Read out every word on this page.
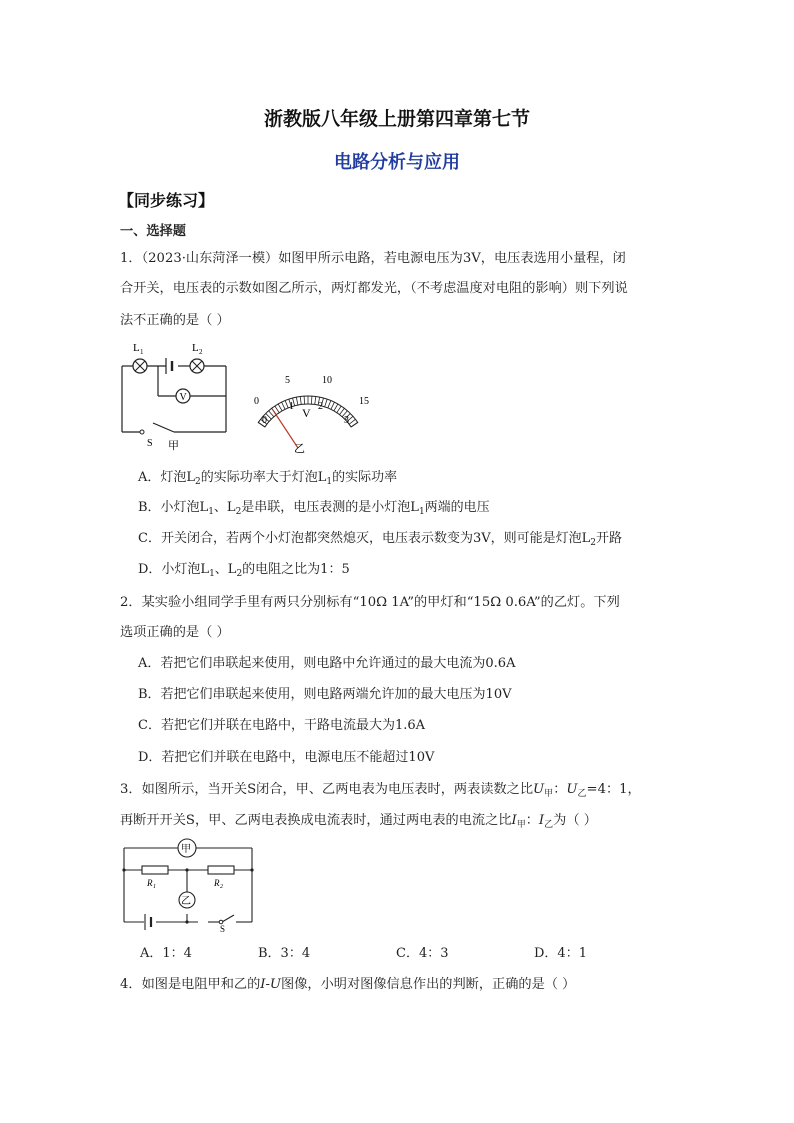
浙教版八年级上册第四章第七节
电路分析与应用
【同步练习】
一、选择题
1．（2023·山东菏泽一模）如图甲所示电路，若电源电压为3V，电压表选用小量程，闭
合开关，电压表的示数如图乙所示，两灯都发光，（不考虑温度对电阻的影响）则下列说
法不正确的是（ ）
V
L 1	L 2
S 甲
0
5	10
15
0
1 2
3
V
乙
A．灯泡$L_2$的实际功率大于灯泡$L_1$的实际功率
B．小灯泡$L_1$、$L_2$是串联，电压表测的是小灯泡$L_1$两端的电压
C．开关闭合，若两个小灯泡都突然熄灭，电压表示数变为3V，则可能是灯泡$L_2$开路
D．小灯泡$L_1$、$L_2$的电阻之比为1：5
2．某实验小组同学手里有两只分别标有“10Ω 1A”的甲灯和“15Ω 0.6A”的乙灯。下列
选项正确的是（ ）
A．若把它们串联起来使用，则电路中允许通过的最大电流为0.6A
B．若把它们串联起来使用，则电路两端允许加的最大电压为10V
C．若把它们并联在电路中，干路电流最大为1.6A
D．若把它们并联在电路中，电源电压不能超过10V
3．如图所示，当开关S闭合，甲、乙两电表为电压表时，两表读数之比$U_甲$：$U_乙=4$：1，
再断开开关S，甲、乙两电表换成电流表时，通过两电表的电流之比$I_甲$：$I_乙$为（ ）
甲
乙
R 1	R 2
S
A．1：4	B．3：4	C．4：3	D．4：1
4．如图是电阻甲和乙的I-U图像，小明对图像信息作出的判断，正确的是（ ）
